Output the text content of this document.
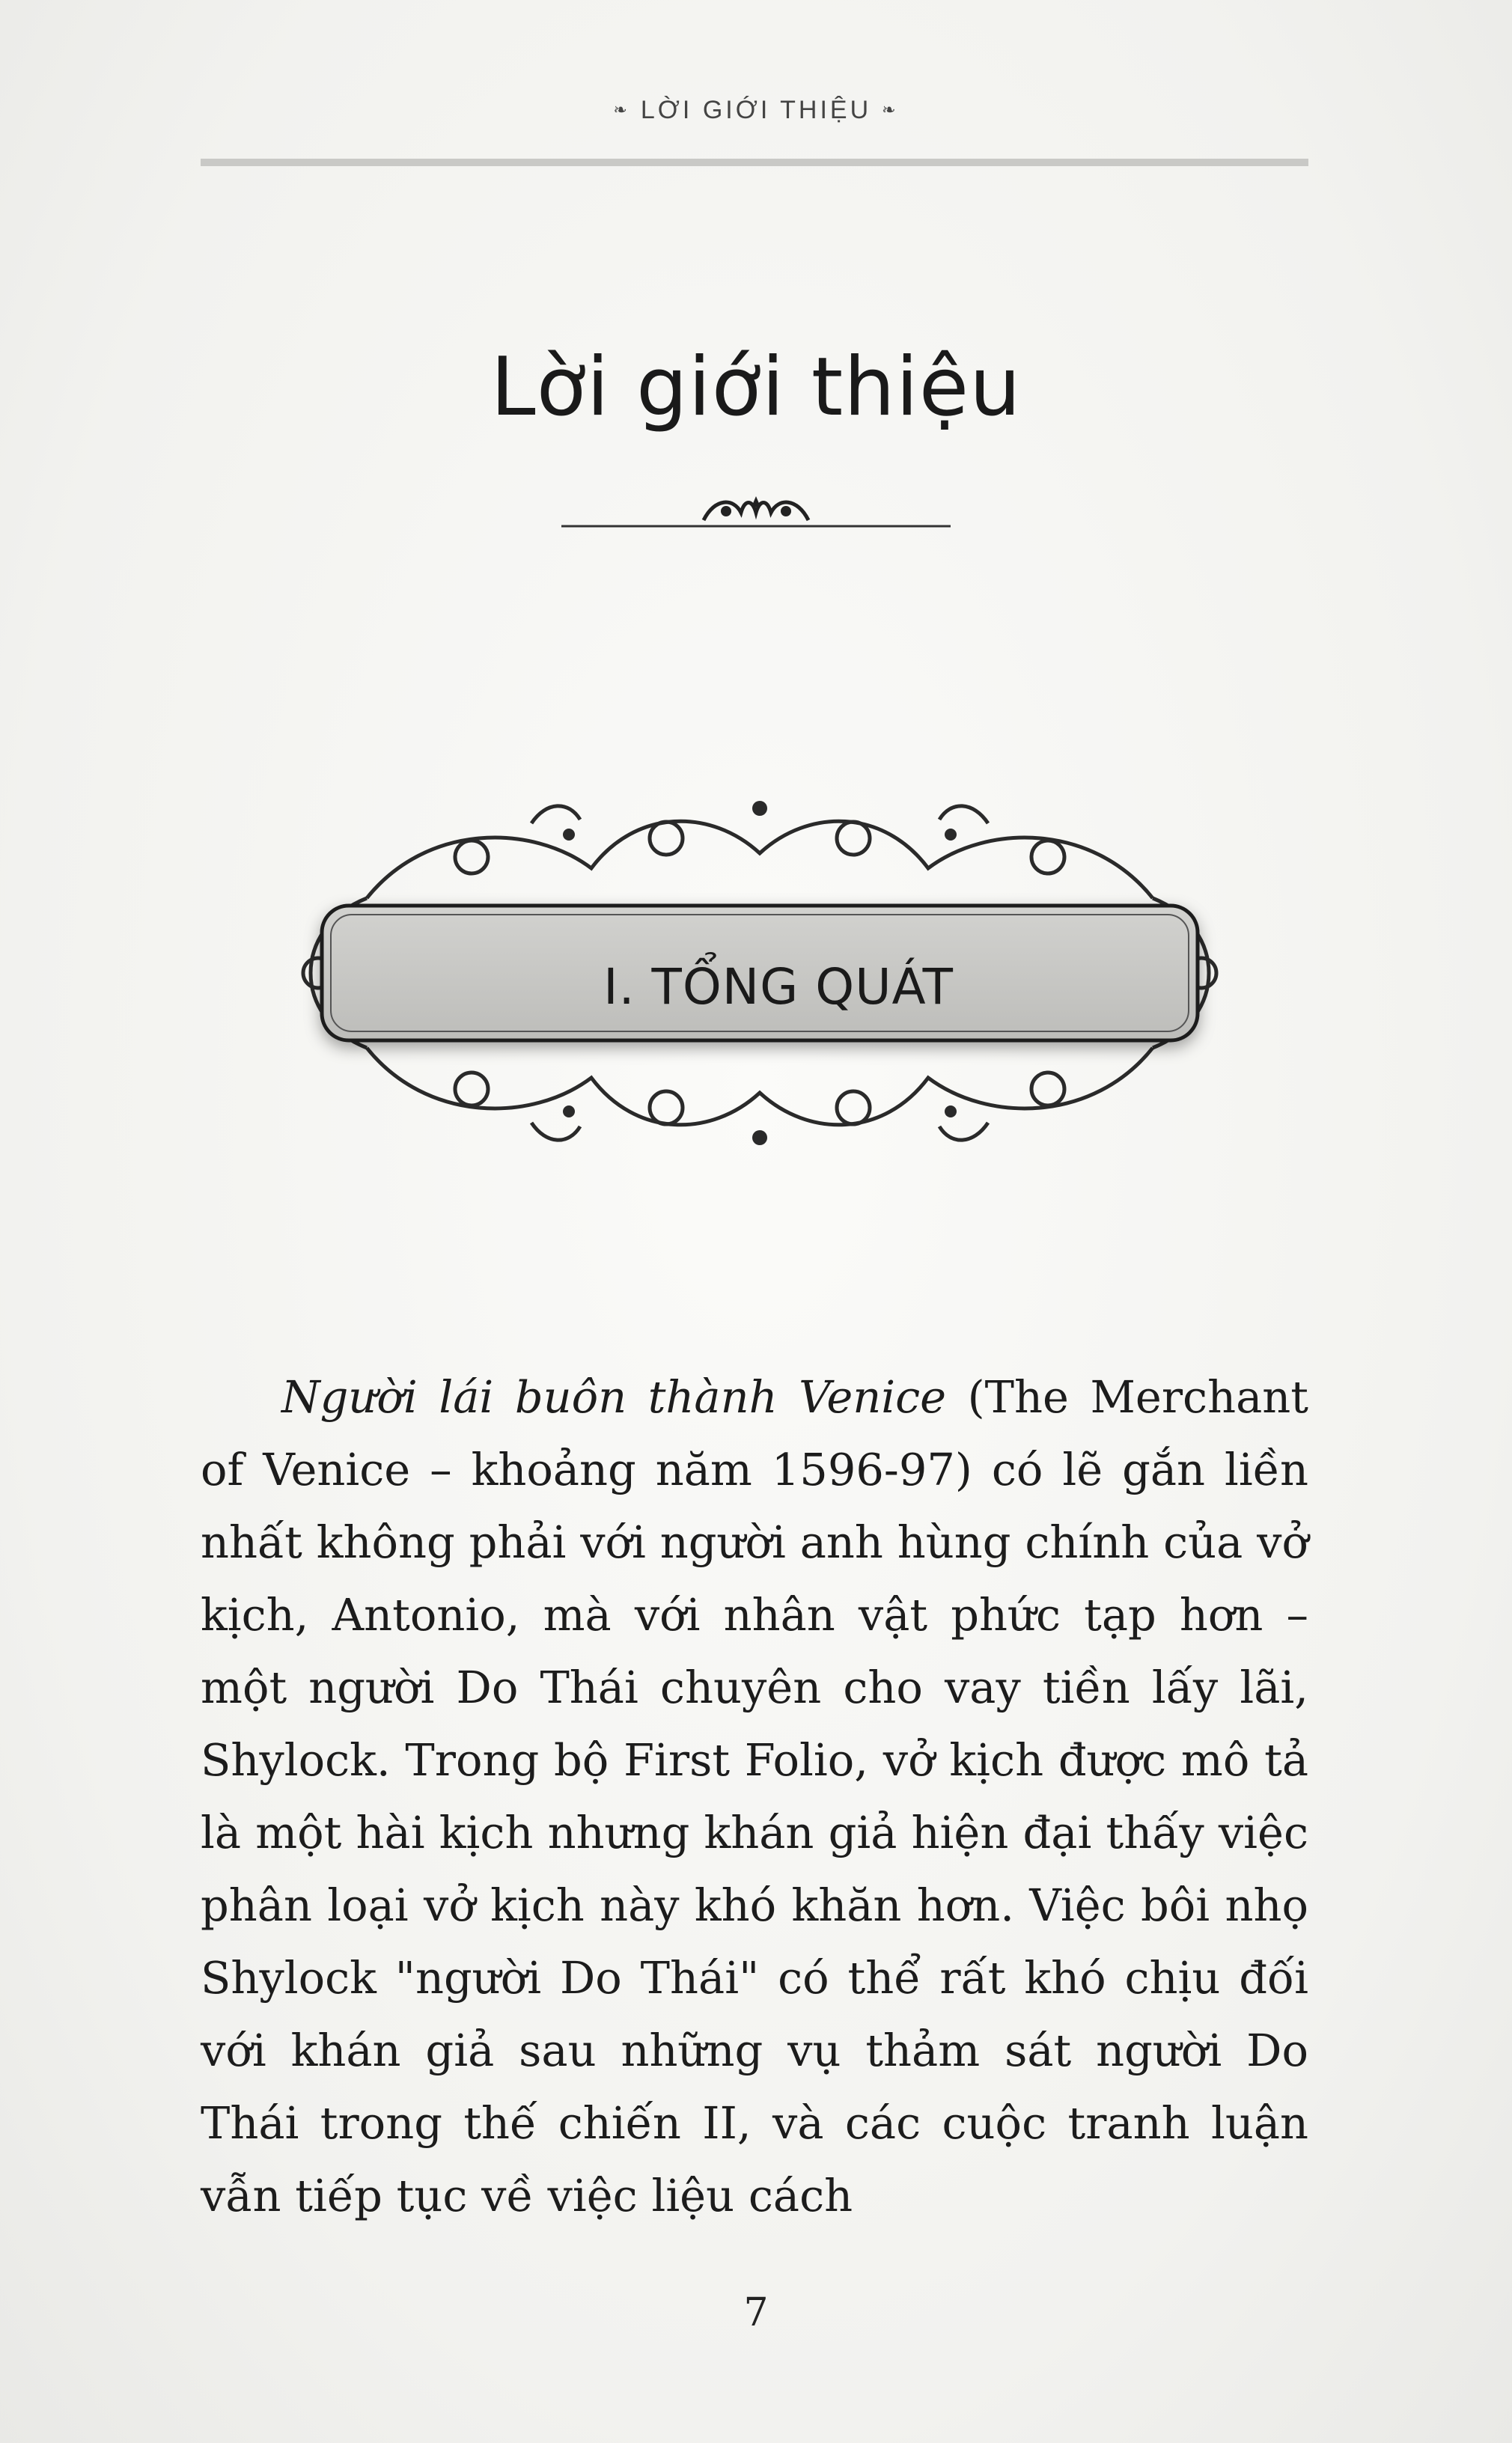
❧ LỜI GIỚI THIỆU ❧
Lời giới thiệu
I. TỔNG QUÁT

Người lái buôn thành Venice (The Merchant of Venice – khoảng năm 1596-97) có lẽ gắn liền nhất không phải với người anh hùng chính của vở kịch, Antonio, mà với nhân vật phức tạp hơn – một người Do Thái chuyên cho vay tiền lấy lãi, Shylock. Trong bộ First Folio, vở kịch được mô tả là một hài kịch nhưng khán giả hiện đại thấy việc phân loại vở kịch này khó khăn hơn. Việc bôi nhọ Shylock "người Do Thái" có thể rất khó chịu đối với khán giả sau những vụ thảm sát người Do Thái trong thế chiến II, và các cuộc tranh luận vẫn tiếp tục về việc liệu cách

7
